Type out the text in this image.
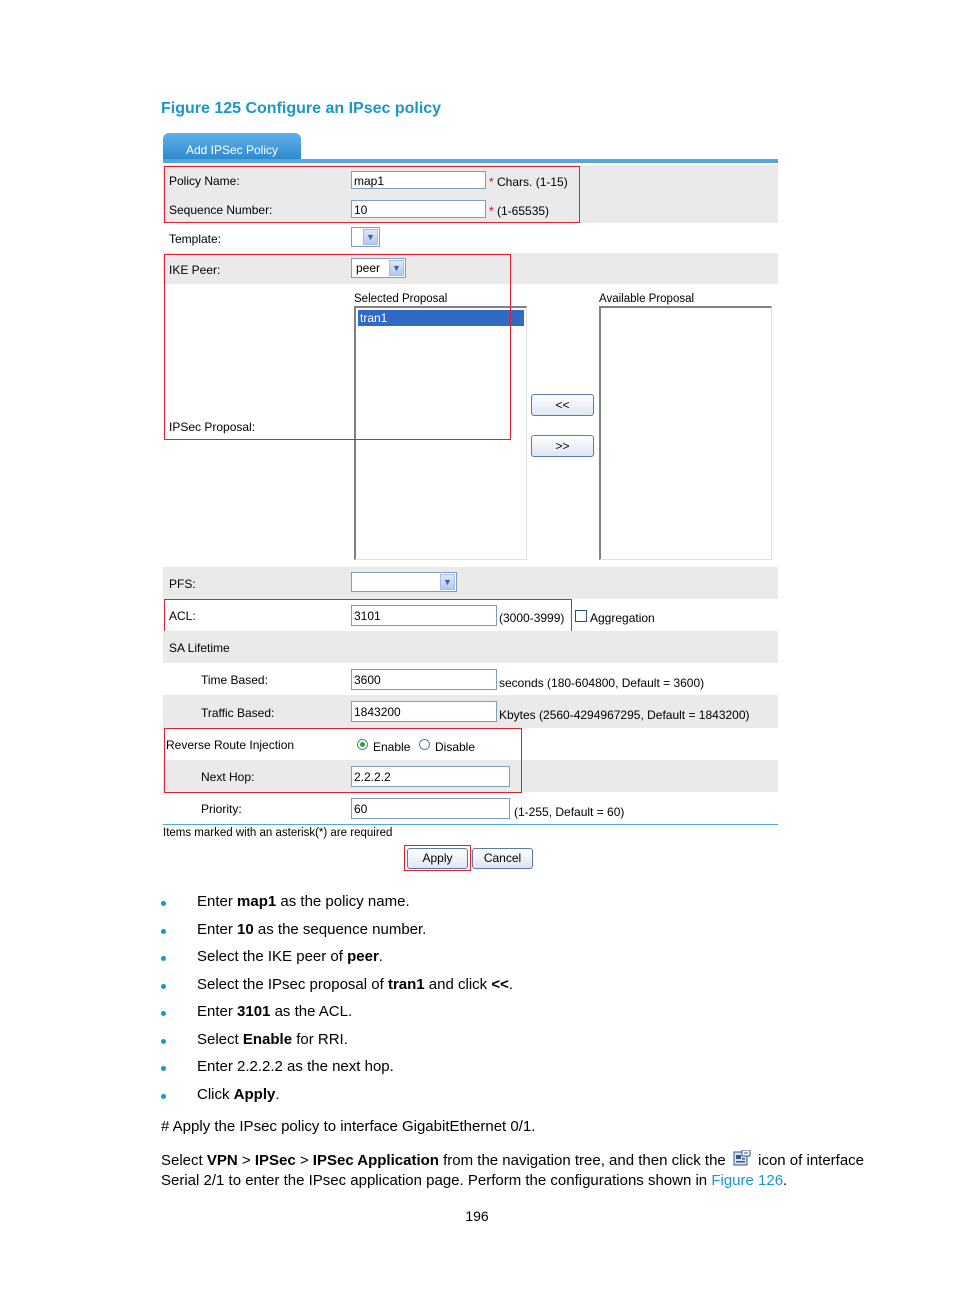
Figure 125 Configure an IPsec policy
Add IPSec Policy
Policy Name:	map1	* Chars. (1-15)
Sequence Number:	10	* (1-65535)
Template:	▼
IKE Peer:	peer	▼
IPSec Proposal:
Selected Proposal	Available Proposal
tran1
<<
>>
PFS:	▼
ACL:	3101	(3000-3999) Aggregation
SA Lifetime
Time Based:	3600	seconds (180-604800, Default = 3600)
Traffic Based:	1843200	Kbytes (2560-4294967295, Default = 1843200)
Reverse Route Injection	Enable Disable
Next Hop:	2.2.2.2
Priority:	60	(1-255, Default = 60)
Items marked with an asterisk(*) are required
Apply	Cancel
Enter map1 as the policy name.
Enter 10 as the sequence number.
Select the IKE peer of peer.
Select the IPsec proposal of tran1 and click <<.
Enter 3101 as the ACL.
Select Enable for RRI.
Enter 2.2.2.2 as the next hop.
Click Apply.
# Apply the IPsec policy to interface GigabitEthernet 0/1.
Select VPN > IPSec > IPSec Application from the navigation tree, and then click the  icon of interface
Serial 2/1 to enter the IPsec application page. Perform the configurations shown in Figure 126.
196
